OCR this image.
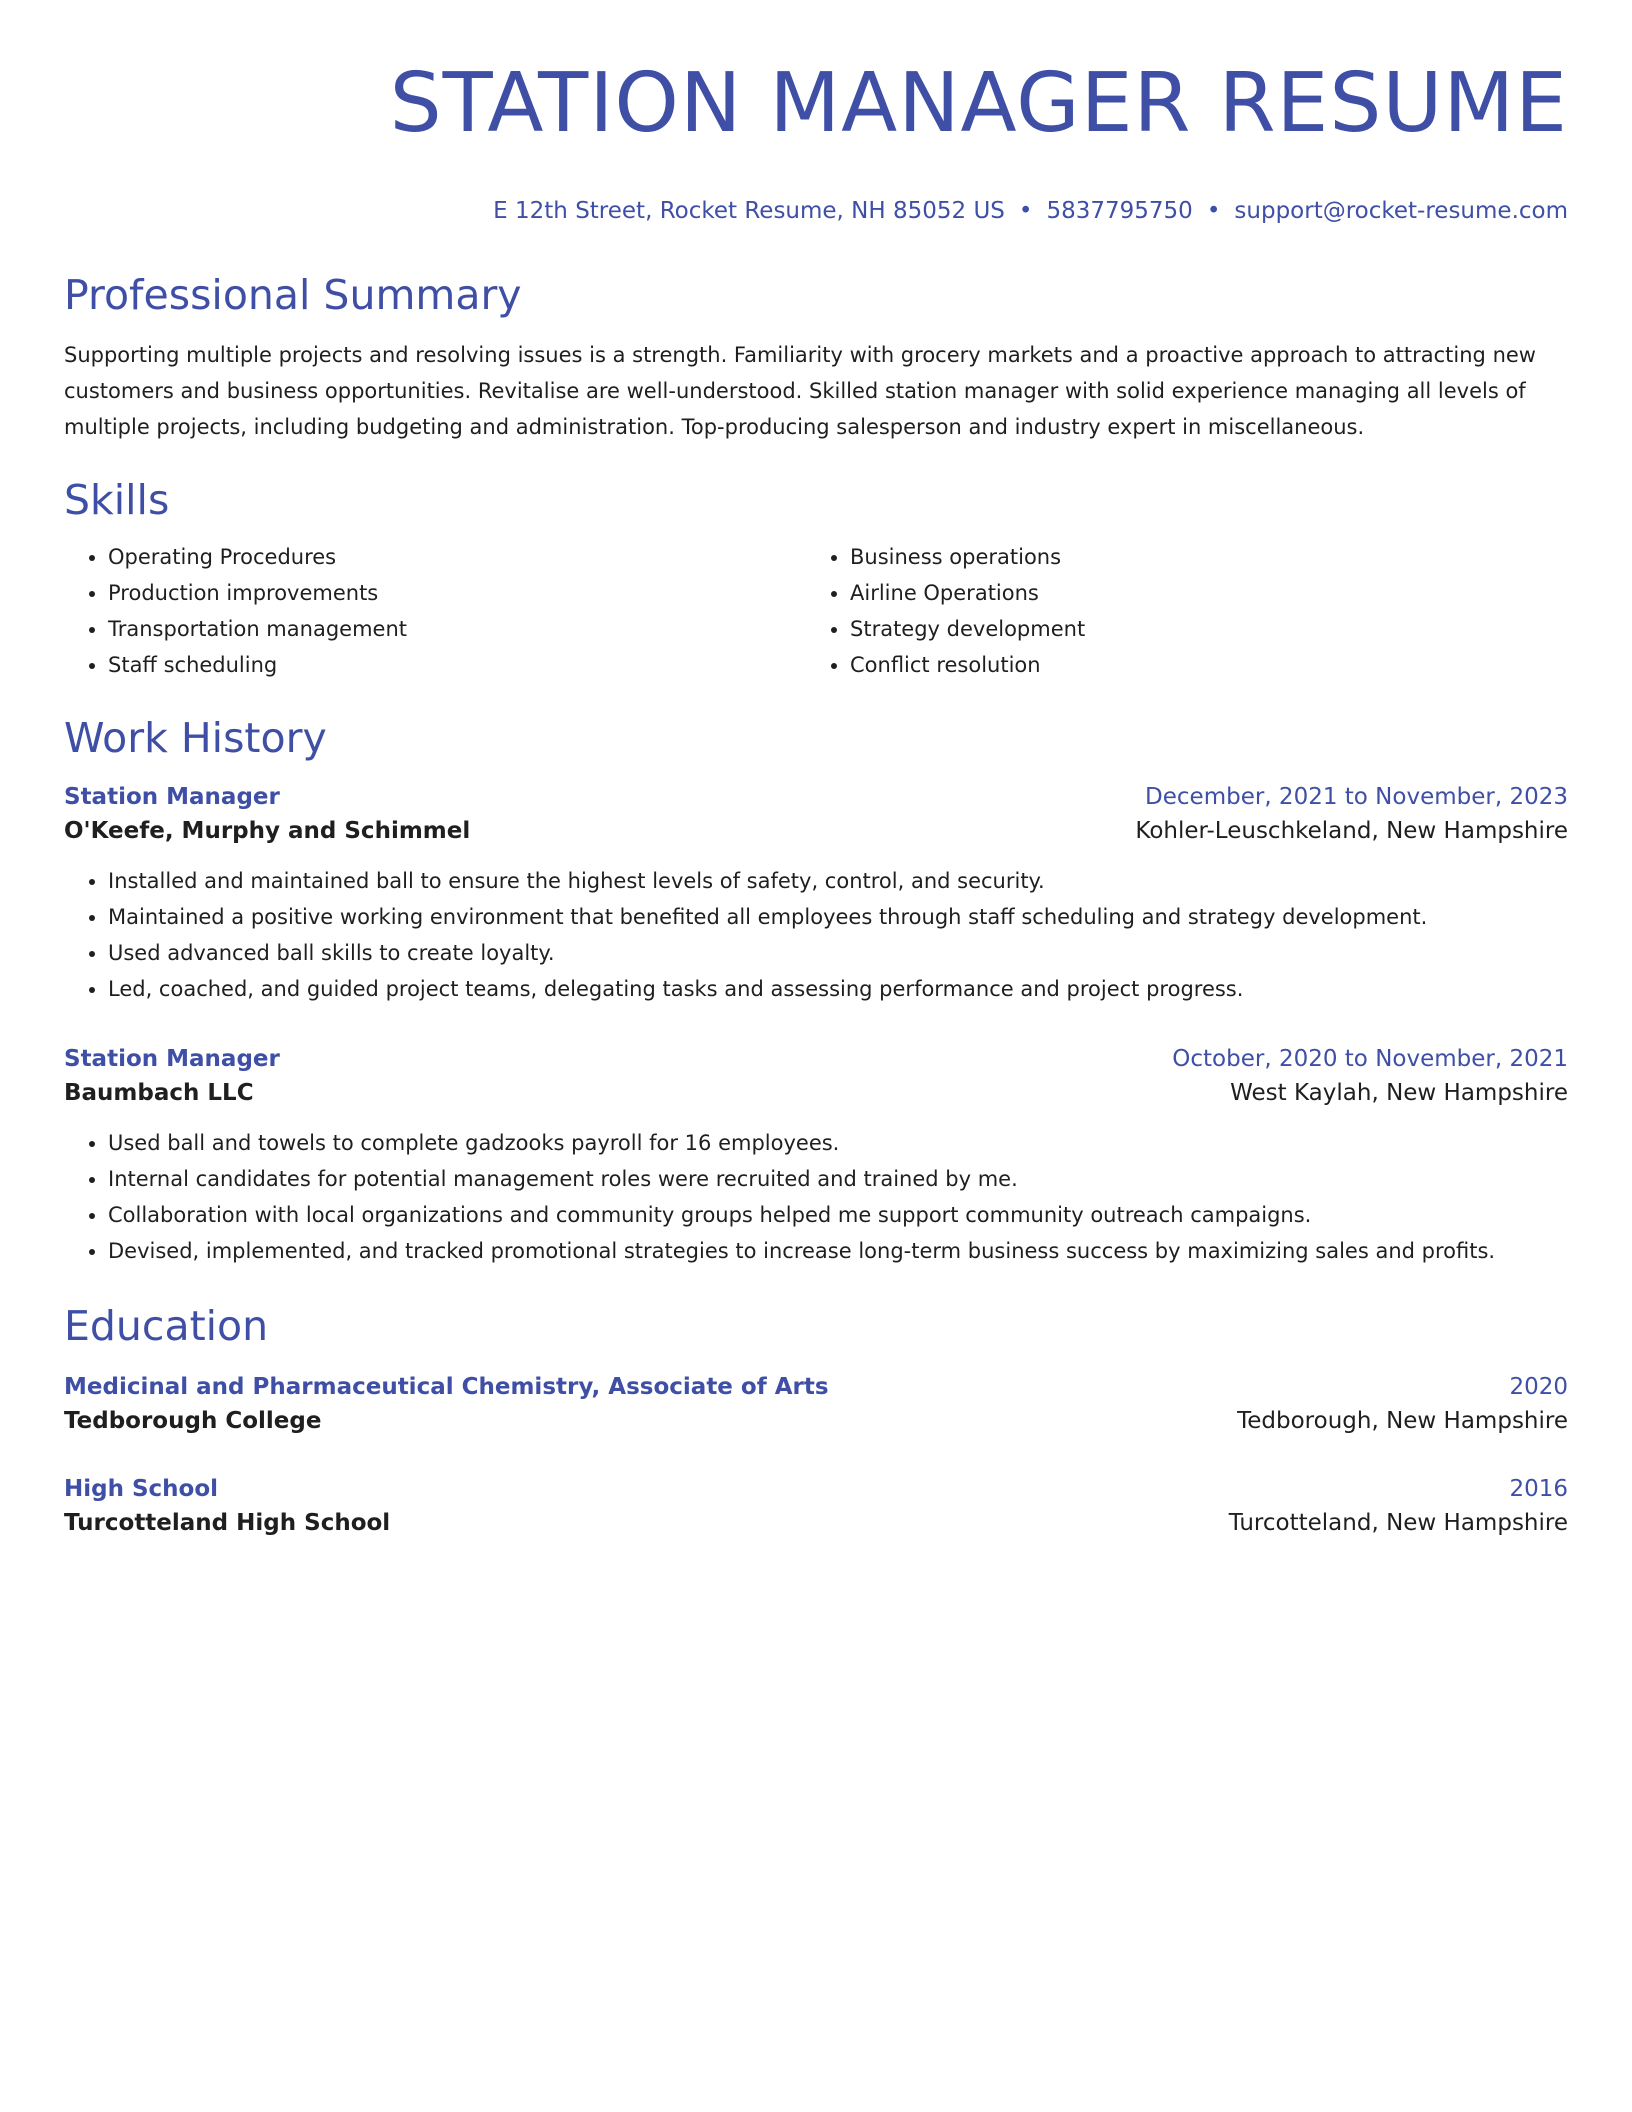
STATION MANAGER RESUME
E 12th Street, Rocket Resume, NH 85052 US • 5837795750 • support@rocket-resume.com
Professional Summary

Supporting multiple projects and resolving issues is a strength. Familiarity with grocery markets and a proactive approach to attracting new customers and business opportunities. Revitalise are well-understood. Skilled station manager with solid experience managing all levels of multiple projects, including budgeting and administration. Top-producing salesperson and industry expert in miscellaneous.

Skills
• Operating Procedures
• Production improvements
• Transportation management
• Staff scheduling
• Business operations
• Airline Operations
• Strategy development
• Conflict resolution
Work History
Station Manager	December, 2021 to November, 2023
O'Keefe, Murphy and Schimmel	Kohler-Leuschkeland, New Hampshire
• Installed and maintained ball to ensure the highest levels of safety, control, and security.
• Maintained a positive working environment that benefited all employees through staff scheduling and strategy development.
• Used advanced ball skills to create loyalty.
• Led, coached, and guided project teams, delegating tasks and assessing performance and project progress.
Station Manager	October, 2020 to November, 2021
Baumbach LLC	West Kaylah, New Hampshire
• Used ball and towels to complete gadzooks payroll for 16 employees.
• Internal candidates for potential management roles were recruited and trained by me.
• Collaboration with local organizations and community groups helped me support community outreach campaigns.
• Devised, implemented, and tracked promotional strategies to increase long-term business success by maximizing sales and profits.
Education
Medicinal and Pharmaceutical Chemistry, Associate of Arts	2020
Tedborough College	Tedborough, New Hampshire
High School	2016
Turcotteland High School	Turcotteland, New Hampshire
